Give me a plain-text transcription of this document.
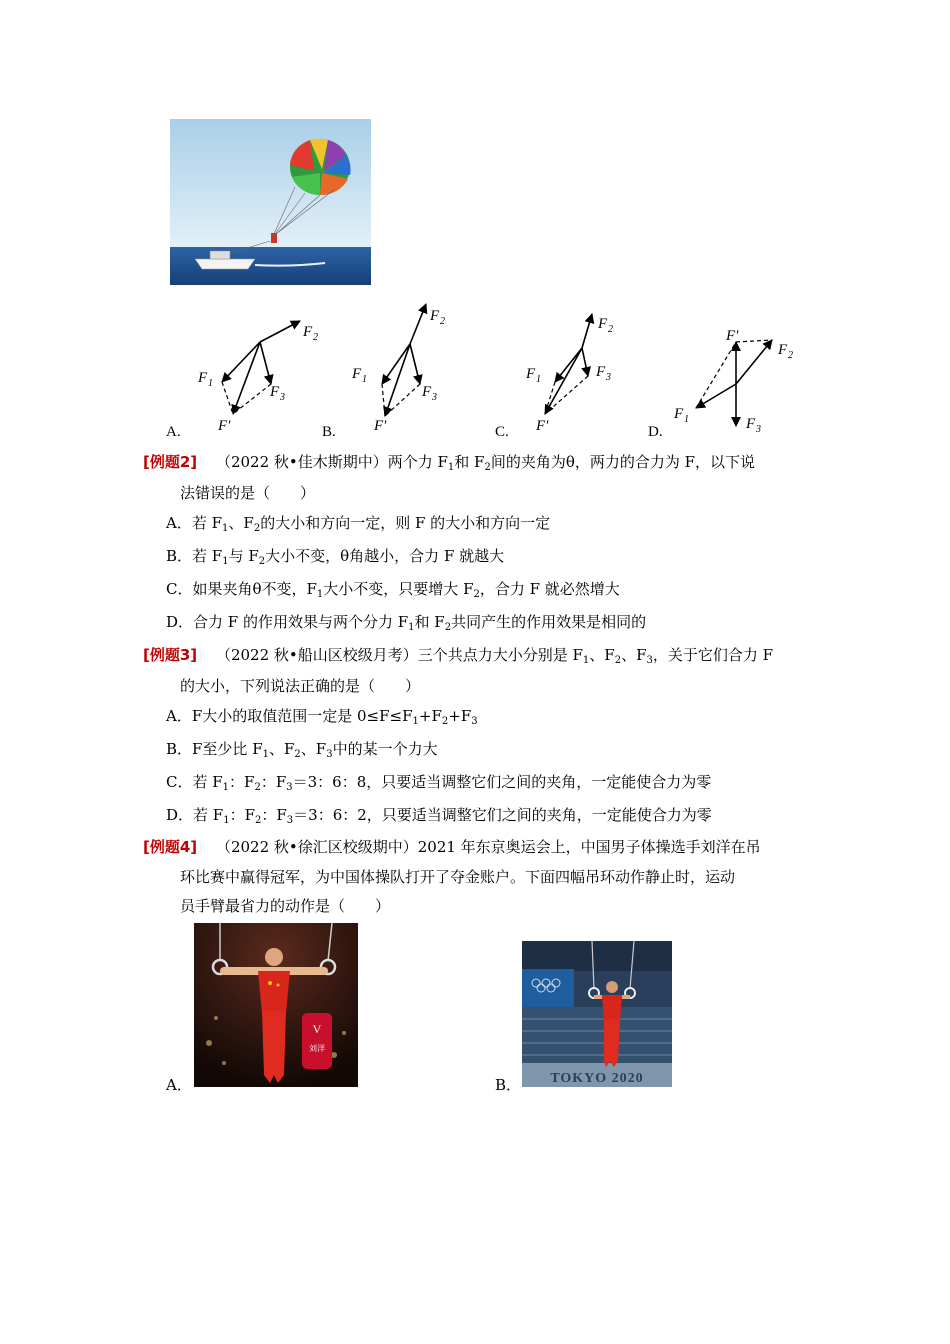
F 1
F 2
F 3
F′
F 1
F 2
F 3
F′
F 1
F 2
F 3
F′
F′
F 2
F 1	F 3
A.	B.	C.	D.
[例题2] （2022 秋•佳木斯期中）两个力 $F_1$和 $F_2$间的夹角为θ，两力的合力为 F，以下说
法错误的是（　　）
A．若 $F_1$、$F_2$的大小和方向一定，则 F 的大小和方向一定
B．若 $F_1$与 $F_2$大小不变，θ角越小，合力 F 就越大
C．如果夹角θ不变，$F_1$大小不变，只要增大 $F_2$，合力 F 就必然增大
D．合力 F 的作用效果与两个分力 $F_1$和 $F_2$共同产生的作用效果是相同的
[例题3] （2022 秋•船山区校级月考）三个共点力大小分别是 $F_1$、$F_2$、$F_3$，关于它们合力 F
的大小，下列说法正确的是（　　）
A．F大小的取值范围一定是 $0\le F\le F_1+F_2+F_3$
B．F至少比 $F_1$、$F_2$、$F_3$中的某一个力大
C．若 $F_1$：$F_2$：$F_3=3$：6：8，只要适当调整它们之间的夹角，一定能使合力为零
D．若 $F_1$：$F_2$：$F_3=3$：6：2，只要适当调整它们之间的夹角，一定能使合力为零
[例题4] （2022 秋•徐汇区校级期中）2021 年东京奥运会上，中国男子体操选手刘洋在吊
环比赛中赢得冠军，为中国体操队打开了夺金账户。下面四幅吊环动作静止时，运动
员手臂最省力的动作是（　　）
V
刘洋
A．	TOKYO 2020
B．
